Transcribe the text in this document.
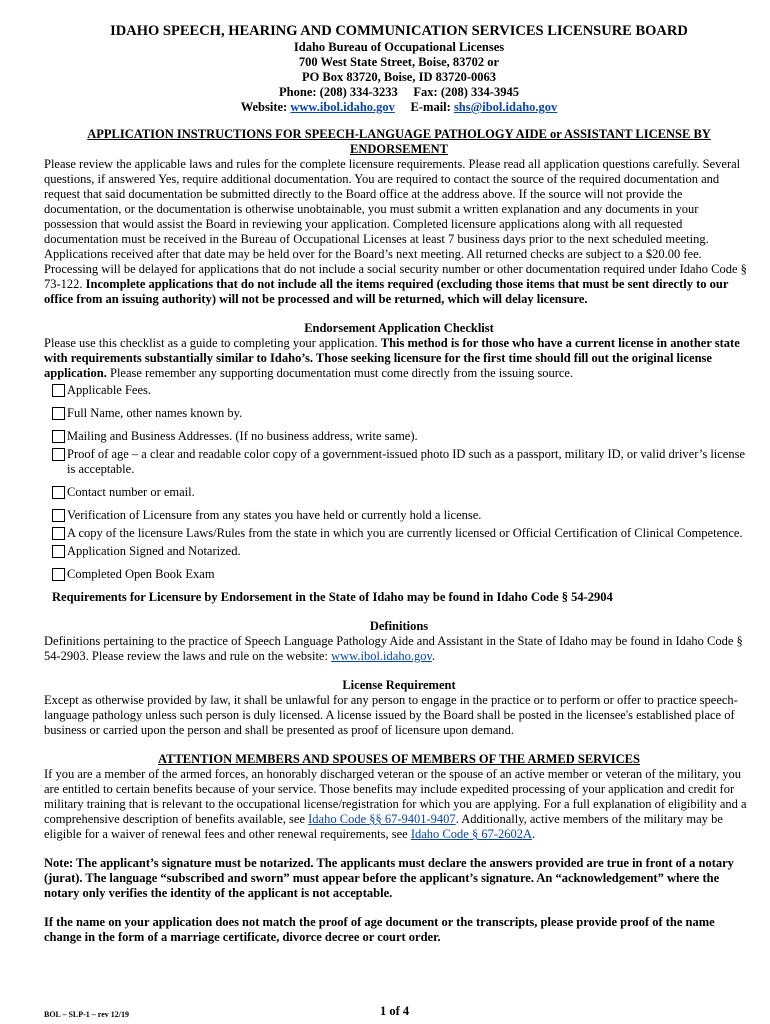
IDAHO SPEECH, HEARING AND COMMUNICATION SERVICES LICENSURE BOARD
Idaho Bureau of Occupational Licenses
700 West State Street, Boise, 83702 or
PO Box 83720, Boise, ID 83720-0063
Phone: (208) 334-3233 Fax: (208) 334-3945
Website: www.ibol.idaho.gov E-mail: shs@ibol.idaho.gov
APPLICATION INSTRUCTIONS FOR SPEECH-LANGUAGE PATHOLOGY AIDE or ASSISTANT LICENSE BY ENDORSEMENT

Please review the applicable laws and rules for the complete licensure requirements. Please read all application questions carefully. Several questions, if answered Yes, require additional documentation. You are required to contact the source of the required documentation and request that said documentation be submitted directly to the Board office at the address above. If the source will not provide the documentation, or the documentation is otherwise unobtainable, you must submit a written explanation and any documents in your possession that would assist the Board in reviewing your application. Completed licensure applications along with all requested documentation must be received in the Bureau of Occupational Licenses at least 7 business days prior to the next scheduled meeting. Applications received after that date may be held over for the Board’s next meeting. All returned checks are subject to a $20.00 fee. Processing will be delayed for applications that do not include a social security number or other documentation required under Idaho Code § 73-122. Incomplete applications that do not include all the items required (excluding those items that must be sent directly to our office from an issuing authority) will not be processed and will be returned, which will delay licensure.

Endorsement Application Checklist

Please use this checklist as a guide to completing your application. This method is for those who have a current license in another state with requirements substantially similar to Idaho’s. Those seeking licensure for the first time should fill out the original license application. Please remember any supporting documentation must come directly from the issuing source.

Applicable Fees.
Full Name, other names known by.
Mailing and Business Addresses. (If no business address, write same).
Proof of age – a clear and readable color copy of a government-issued photo ID such as a passport, military ID, or valid driver’s license is acceptable.
Contact number or email.
Verification of Licensure from any states you have held or currently hold a license.
A copy of the licensure Laws/Rules from the state in which you are currently licensed or Official Certification of Clinical Competence.
Application Signed and Notarized.
Completed Open Book Exam

Requirements for Licensure by Endorsement in the State of Idaho may be found in Idaho Code § 54-2904

Definitions

Definitions pertaining to the practice of Speech Language Pathology Aide and Assistant in the State of Idaho may be found in Idaho Code § 54-2903. Please review the laws and rule on the website: www.ibol.idaho.gov.

License Requirement

Except as otherwise provided by law, it shall be unlawful for any person to engage in the practice or to perform or offer to practice speech-language pathology unless such person is duly licensed. A license issued by the Board shall be posted in the licensee's established place of business or carried upon the person and shall be presented as proof of licensure upon demand.

ATTENTION MEMBERS AND SPOUSES OF MEMBERS OF THE ARMED SERVICES

If you are a member of the armed forces, an honorably discharged veteran or the spouse of an active member or veteran of the military, you are entitled to certain benefits because of your service. Those benefits may include expedited processing of your application and credit for military training that is relevant to the occupational license/registration for which you are applying. For a full explanation of eligibility and a comprehensive description of benefits available, see Idaho Code §§ 67-9401-9407. Additionally, active members of the military may be eligible for a waiver of renewal fees and other renewal requirements, see Idaho Code § 67-2602A.

Note: The applicant’s signature must be notarized. The applicants must declare the answers provided are true in front of a notary (jurat). The language “subscribed and sworn” must appear before the applicant’s signature. An “acknowledgement” where the notary only verifies the identity of the applicant is not acceptable.

If the name on your application does not match the proof of age document or the transcripts, please provide proof of the name change in the form of a marriage certificate, divorce decree or court order.

BOL – SLP-1 – rev 12/19	1 of 4
